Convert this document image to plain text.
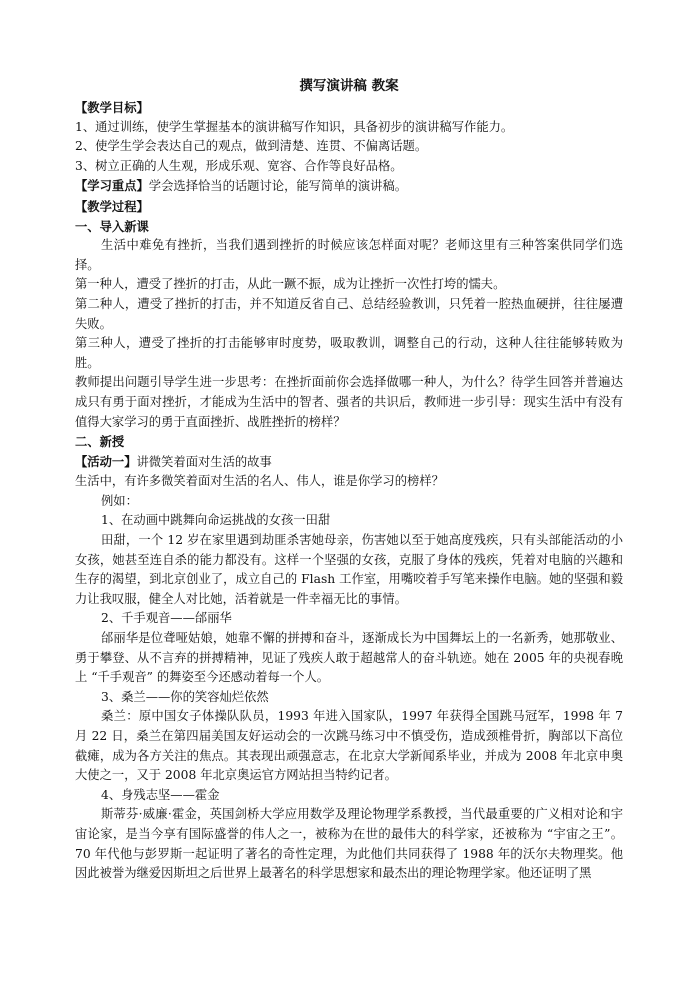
撰写演讲稿 教案

【教学目标】

1、通过训练，使学生掌握基本的演讲稿写作知识，具备初步的演讲稿写作能力。

2、使学生学会表达自己的观点，做到清楚、连贯、不偏离话题。

3、树立正确的人生观，形成乐观、宽容、合作等良好品格。

【学习重点】学会选择恰当的话题讨论，能写简单的演讲稿。

【教学过程】

一、导入新课

生活中难免有挫折，当我们遇到挫折的时候应该怎样面对呢？老师这里有三种答案供同学们选择。

第一种人，遭受了挫折的打击，从此一蹶不振，成为让挫折一次性打垮的懦夫。

第二种人，遭受了挫折的打击，并不知道反省自己、总结经验教训，只凭着一腔热血硬拼，往往屡遭失败。

第三种人，遭受了挫折的打击能够审时度势，吸取教训，调整自己的行动，这种人往往能够转败为胜。

教师提出问题引导学生进一步思考：在挫折面前你会选择做哪一种人，为什么？待学生回答并普遍达成只有勇于面对挫折，才能成为生活中的智者、强者的共识后，教师进一步引导：现实生活中有没有值得大家学习的勇于直面挫折、战胜挫折的榜样？

二、新授

【活动一】讲微笑着面对生活的故事

生活中，有许多微笑着面对生活的名人、伟人，谁是你学习的榜样？

例如：

1、在动画中跳舞向命运挑战的女孩一田甜

田甜，一个 12 岁在家里遇到劫匪杀害她母亲，伤害她以至于她高度残疾，只有头部能活动的小女孩，她甚至连自杀的能力都没有。这样一个坚强的女孩，克服了身体的残疾，凭着对电脑的兴趣和生存的渴望，到北京创业了，成立自己的 Flash 工作室，用嘴咬着手写笔来操作电脑。她的坚强和毅力让我叹服，健全人对比她，活着就是一件幸福无比的事情。

2、千手观音——邰丽华

邰丽华是位聋哑姑娘，她靠不懈的拼搏和奋斗，逐渐成长为中国舞坛上的一名新秀，她那敬业、勇于攀登、从不言弃的拼搏精神，见证了残疾人敢于超越常人的奋斗轨迹。她在 2005 年的央视春晚上 “千手观音” 的舞姿至今还感动着每一个人。

3、桑兰——你的笑容灿烂依然

桑兰：原中国女子体操队队员，1993 年进入国家队，1997 年获得全国跳马冠军，1998 年 7 月 22 日，桑兰在第四届美国友好运动会的一次跳马练习中不慎受伤，造成颈椎骨折，胸部以下高位截瘫，成为各方关注的焦点。其表现出顽强意志，在北京大学新闻系毕业，并成为 2008 年北京申奥大使之一，又于 2008 年北京奥运官方网站担当特约记者。

4、身残志坚——霍金

斯蒂芬·威廉·霍金，英国剑桥大学应用数学及理论物理学系教授，当代最重要的广义相对论和宇宙论家，是当今享有国际盛誉的伟人之一，被称为在世的最伟大的科学家，还被称为 “宇宙之王”。70 年代他与彭罗斯一起证明了著名的奇性定理，为此他们共同获得了 1988 年的沃尔夫物理奖。他因此被誉为继爱因斯坦之后世界上最著名的科学思想家和最杰出的理论物理学家。他还证明了黑
